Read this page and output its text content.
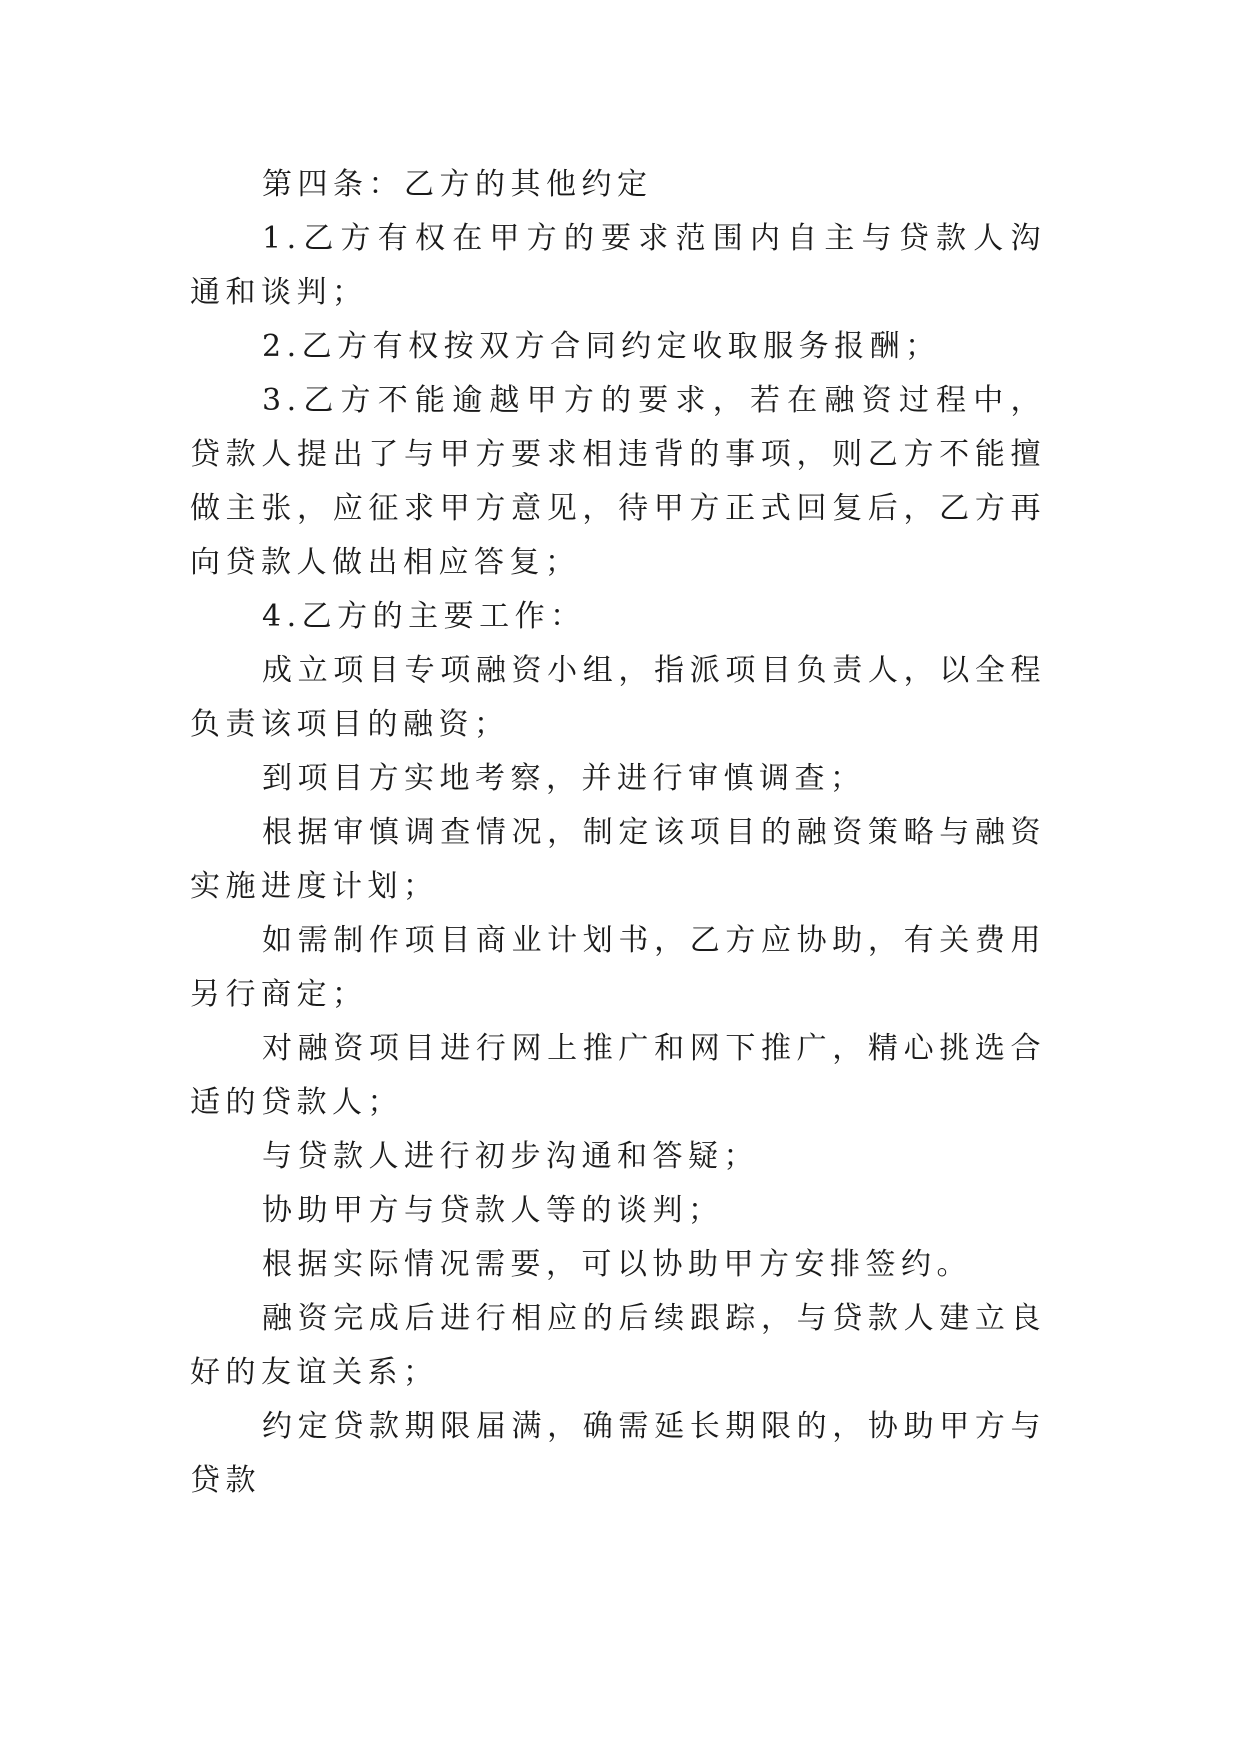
第四条：乙方的其他约定

1.乙方有权在甲方的要求范围内自主与贷款人沟通和谈判；

2.乙方有权按双方合同约定收取服务报酬；

3.乙方不能逾越甲方的要求，若在融资过程中，贷款人提出了与甲方要求相违背的事项，则乙方不能擅做主张，应征求甲方意见，待甲方正式回复后，乙方再向贷款人做出相应答复；

4.乙方的主要工作：

成立项目专项融资小组，指派项目负责人，以全程负责该项目的融资；

到项目方实地考察，并进行审慎调查；

根据审慎调查情况，制定该项目的融资策略与融资实施进度计划；

如需制作项目商业计划书，乙方应协助，有关费用另行商定；

对融资项目进行网上推广和网下推广，精心挑选合适的贷款人；

与贷款人进行初步沟通和答疑；

协助甲方与贷款人等的谈判；

根据实际情况需要，可以协助甲方安排签约。

融资完成后进行相应的后续跟踪，与贷款人建立良好的友谊关系；

约定贷款期限届满，确需延长期限的，协助甲方与贷款
